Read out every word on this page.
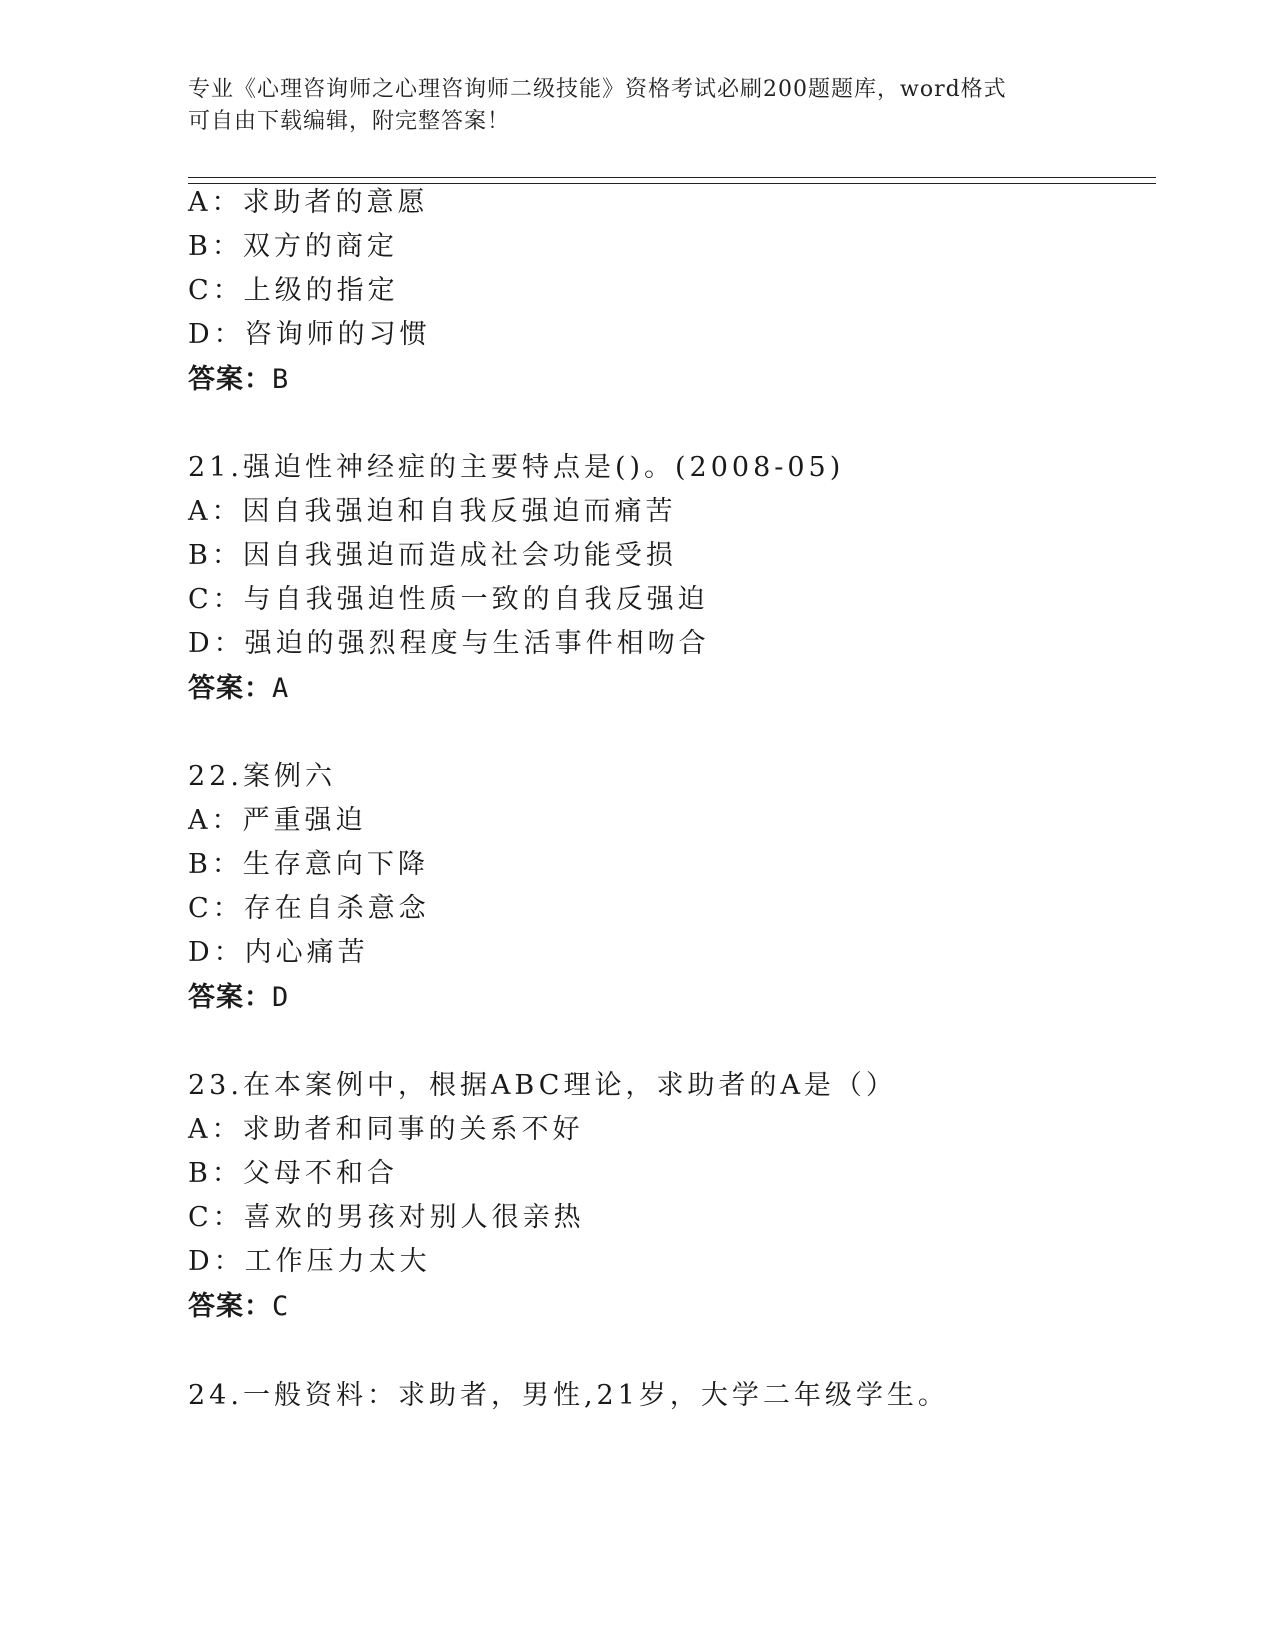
专业《心理咨询师之心理咨询师二级技能》资格考试必刷200题题库，word格式
可自由下载编辑，附完整答案！
A：求助者的意愿
B：双方的商定
C：上级的指定
D：咨询师的习惯
答案：B
21.强迫性神经症的主要特点是()。(2008-05)
A：因自我强迫和自我反强迫而痛苦
B：因自我强迫而造成社会功能受损
C：与自我强迫性质一致的自我反强迫
D：强迫的强烈程度与生活事件相吻合
答案：A
22.案例六
A：严重强迫
B：生存意向下降
C：存在自杀意念
D：内心痛苦
答案：D
23.在本案例中，根据ABC理论，求助者的A是（）
A：求助者和同事的关系不好
B：父母不和合
C：喜欢的男孩对别人很亲热
D：工作压力太大
答案：C
24.一般资料：求助者，男性,21岁，大学二年级学生。
